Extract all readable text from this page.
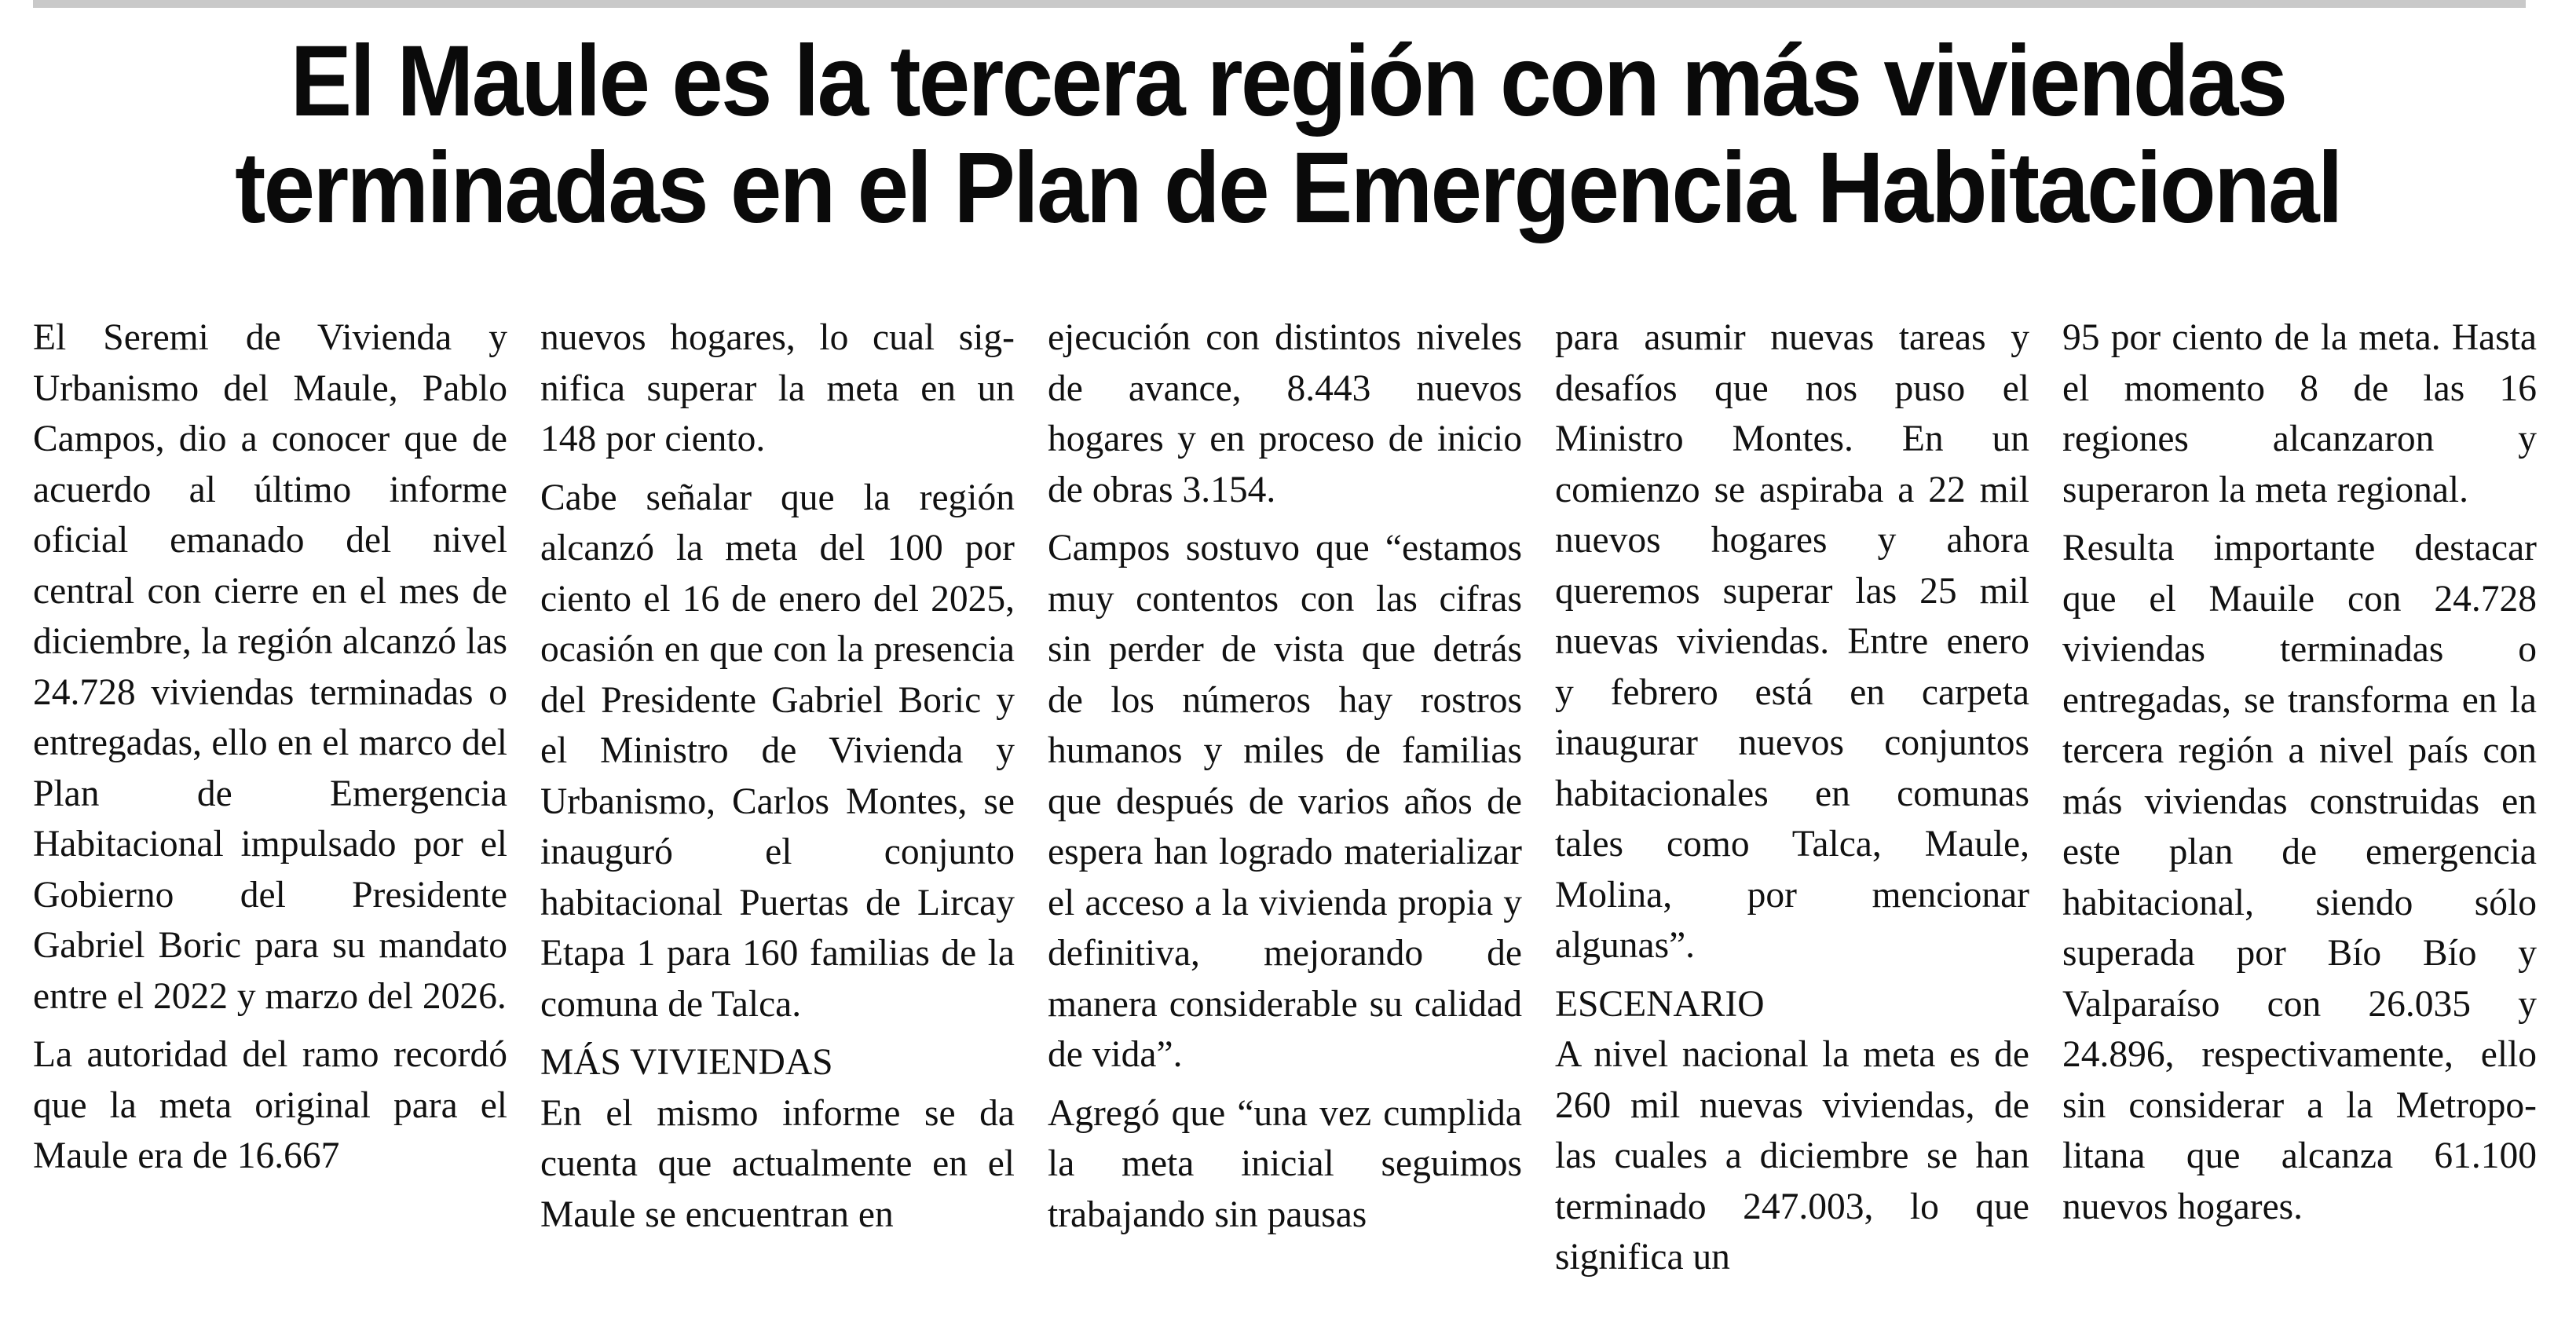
El Maule es la tercera región con más viviendas
terminadas en el Plan de Emergencia Habitacional

El Seremi de Vivienda y Urbanismo del Maule, Pablo Campos, dio a conocer que de acuerdo al último informe oficial emanado del nivel central con cierre en el mes de diciembre, la región alcanzó las 24.728 viviendas terminadas o entregadas, ello en el marco del Plan de Emergencia Habitacional impulsado por el Gobierno del Presidente Gabriel Boric para su mandato entre el 2022 y marzo del 2026.

La autoridad del ramo recordó que la meta original para el Maule era de 16.667

nuevos hogares, lo cual significa superar la meta en un 148 por ciento.

Cabe señalar que la región alcanzó la meta del 100 por ciento el 16 de enero del 2025, ocasión en que con la presencia del Presidente Gabriel Boric y el Ministro de Vivienda y Urbanismo, Carlos Montes, se inauguró el conjunto habitacional Puertas de Lircay Etapa 1 para 160 familias de la comuna de Talca.

MÁS VIVIENDAS

En el mismo informe se da cuenta que actualmente en el Maule se encuentran en

ejecución con distintos niveles de avance, 8.443 nuevos hogares y en proceso de inicio de obras 3.154.

Campos sostuvo que “estamos muy contentos con las cifras sin perder de vista que detrás de los números hay rostros humanos y miles de familias que después de varios años de espera han logrado materializar el acceso a la vivienda propia y definitiva, mejorando de manera considerable su calidad de vida”.

Agregó que “una vez cumplida la meta inicial seguimos trabajando sin pausas

para asumir nuevas tareas y desafíos que nos puso el Ministro Montes. En un comienzo se aspiraba a 22 mil nuevos hogares y ahora queremos superar las 25 mil nuevas viviendas. Entre enero y febrero está en carpeta inaugurar nuevos conjuntos habitacionales en comunas tales como Talca, Maule, Molina, por mencionar algunas”.

ESCENARIO

A nivel nacional la meta es de 260 mil nuevas viviendas, de las cuales a diciembre se han terminado 247.003, lo que significa un

95 por ciento de la meta. Hasta el momento 8 de las 16 regiones alcanzaron y superaron la meta regional.

Resulta importante destacar que el Mauile con 24.728 viviendas terminadas o entregadas, se transforma en la tercera región a nivel país con más viviendas construidas en este plan de emergencia habitacional, siendo sólo superada por Bío Bío y Valparaíso con 26.035 y 24.896, respectivamente, ello sin considerar a la Metropolitana que alcanza 61.100 nuevos hogares.
